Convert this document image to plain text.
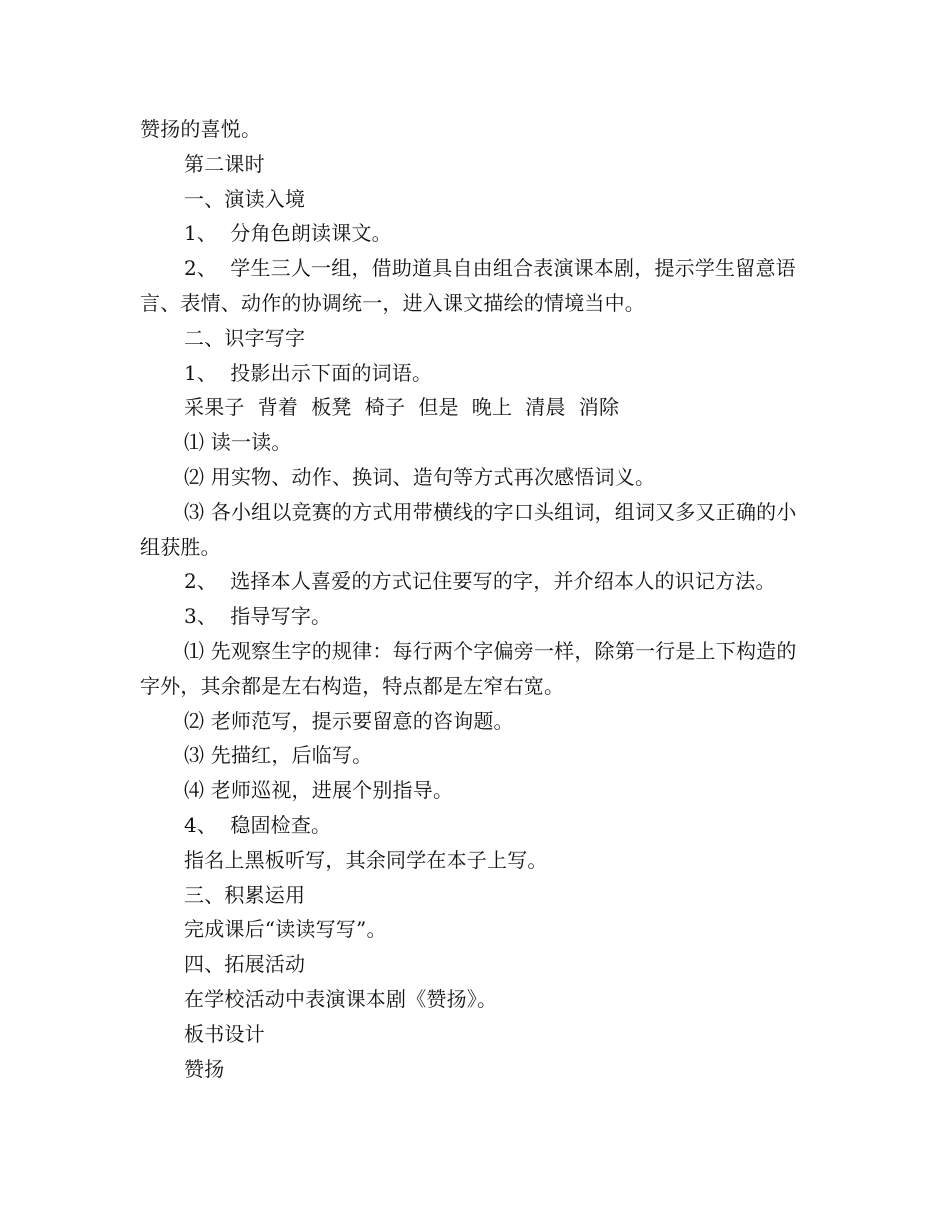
赞扬的喜悦。

第二课时

一、演读入境

1、  分角色朗读课文。

2、  学生三人一组，借助道具自由组合表演课本剧，提示学生留意语言、表情、动作的协调统一，进入课文描绘的情境当中。

二、识字写字

1、  投影出示下面的词语。

采果子  背着  板凳  椅子  但是  晚上  清晨  消除

⑴ 读一读。

⑵ 用实物、动作、换词、造句等方式再次感悟词义。

⑶ 各小组以竞赛的方式用带横线的字口头组词，组词又多又正确的小组获胜。

2、  选择本人喜爱的方式记住要写的字，并介绍本人的识记方法。

3、  指导写字。

⑴ 先观察生字的规律：每行两个字偏旁一样，除第一行是上下构造的字外，其余都是左右构造，特点都是左窄右宽。

⑵ 老师范写，提示要留意的咨询题。

⑶ 先描红，后临写。

⑷ 老师巡视，进展个别指导。

4、  稳固检查。

指名上黑板听写，其余同学在本子上写。

三、积累运用

完成课后“读读写写”。

四、拓展活动

在学校活动中表演课本剧《赞扬》。

板书设计

赞扬
